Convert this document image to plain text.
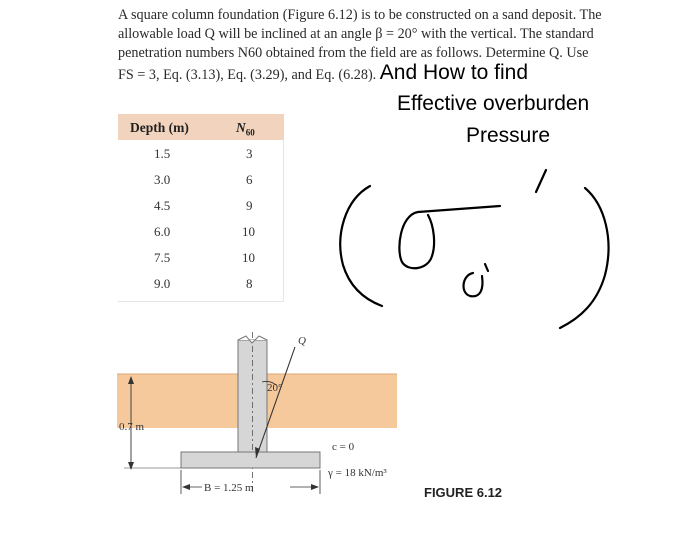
A square column foundation (Figure 6.12) is to be constructed on a sand deposit. The
allowable load Q will be inclined at an angle β = 20° with the vertical. The standard
penetration numbers N60 obtained from the field are as follows. Determine Q. Use
FS = 3, Eq. (3.13), Eq. (3.29), and Eq. (6.28). And How to find
Effective overburden
Pressure
Depth (m)	$N_{60}$
1.5	3
3.0	6
4.5	9
6.0	10
7.5	10
9.0	8
Q
20°
0.7 m
B = 1.25 m
c = 0
γ = 18 kN/m³
FIGURE 6.12
